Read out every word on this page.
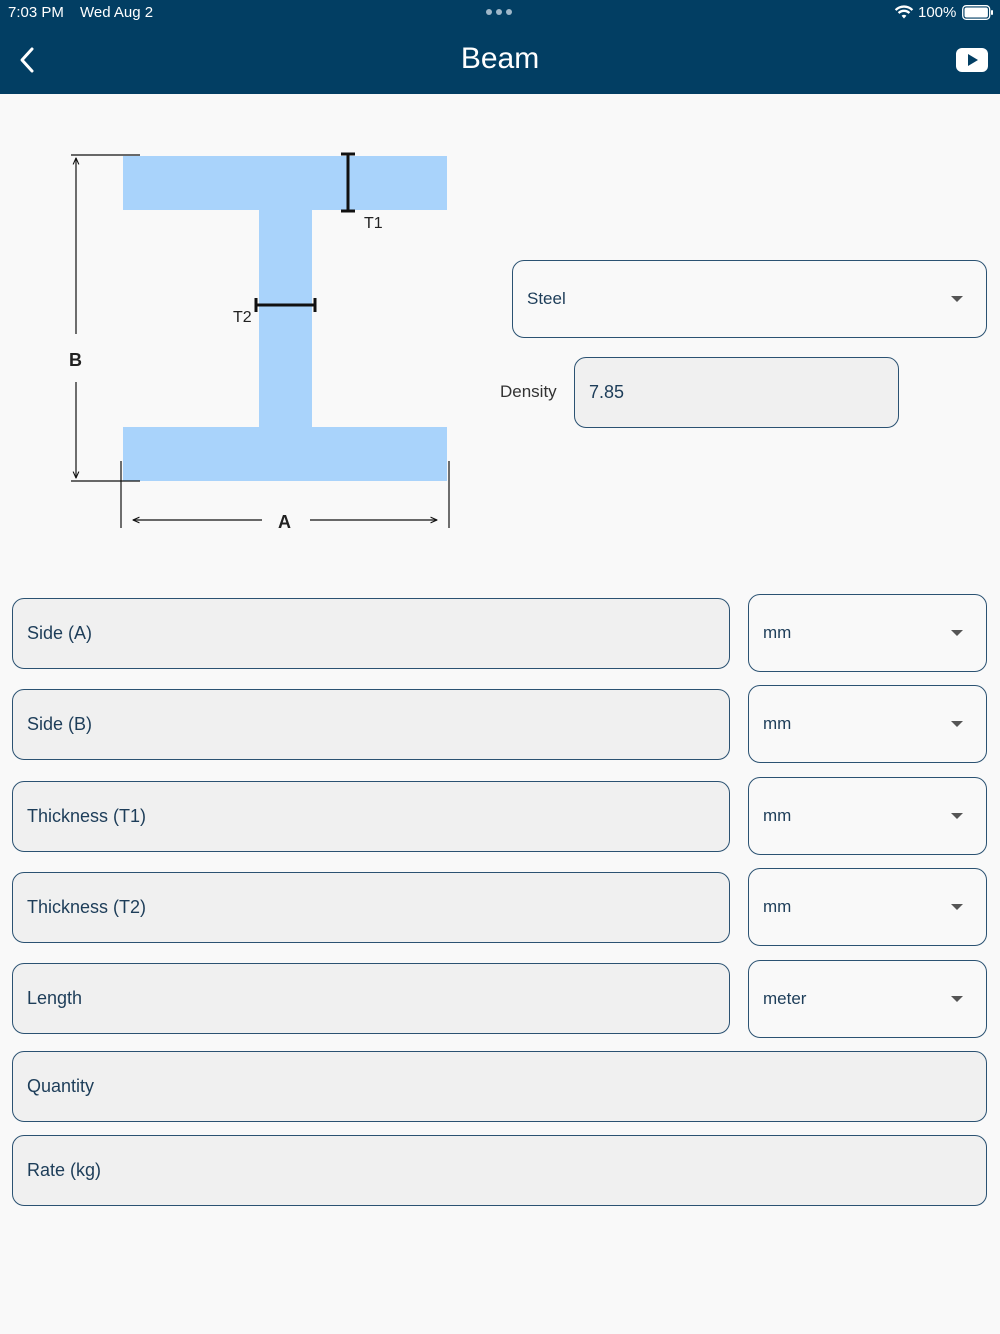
7:03 PM Wed Aug 2	100%
Beam
T1
T2
B
A
Steel
Density 7.85
Side (A)	mm
Side (B)	mm
Thickness (T1)	mm
Thickness (T2)	mm
Length	meter
Quantity
Rate (kg)
